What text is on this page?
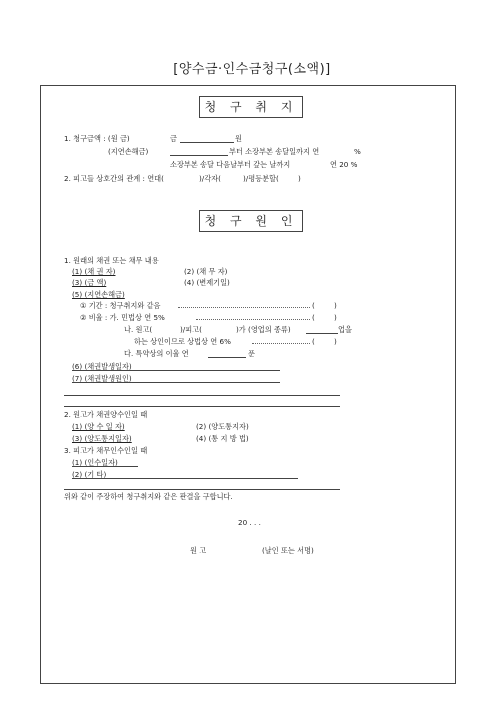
[양수금·인수금청구(소액)]
청 구 취 지
1. 청구금액 : (원 금)	금	원
(지연손해금)	부터 소장부본 송달일까지 연	%
소장부본 송달 다음날부터 갚는 날까지	연 20 %
2. 피고들 상호간의 관계 : 연대(	)/각자(	)/평등분할(	)
청 구 원 인
1. 원래의 채권 또는 채무 내용
(1) (채 권 자)	(2) (채 무 자)
(3) (금 액)	(4) (변제기일)
(5) (지연손해금)
① 기간 : 청구취지와 같음	(	)
② 비율 : 가. 민법상 연 5%	(	)
나. 원고(	)/피고(	)가 (영업의 종류)	업을
하는 상인이므로 상법상 연 6%	(	)
다. 특약상의 이율 연	푼
(6) (채권발생일자)
(7) (채권발생원인)
2. 원고가 채권양수인일 때
(1) (양 수 일 자)	(2) (양도통지자)
(3) (양도통지일자)	(4) (통 지 방 법)
3. 피고가 채무인수인일 때
(1) (인수일자)
(2) (기 타)
위와 같이 주장하여 청구취지와 같은 판결을 구합니다.
20 . . .
원 고	(날인 또는 서명)
